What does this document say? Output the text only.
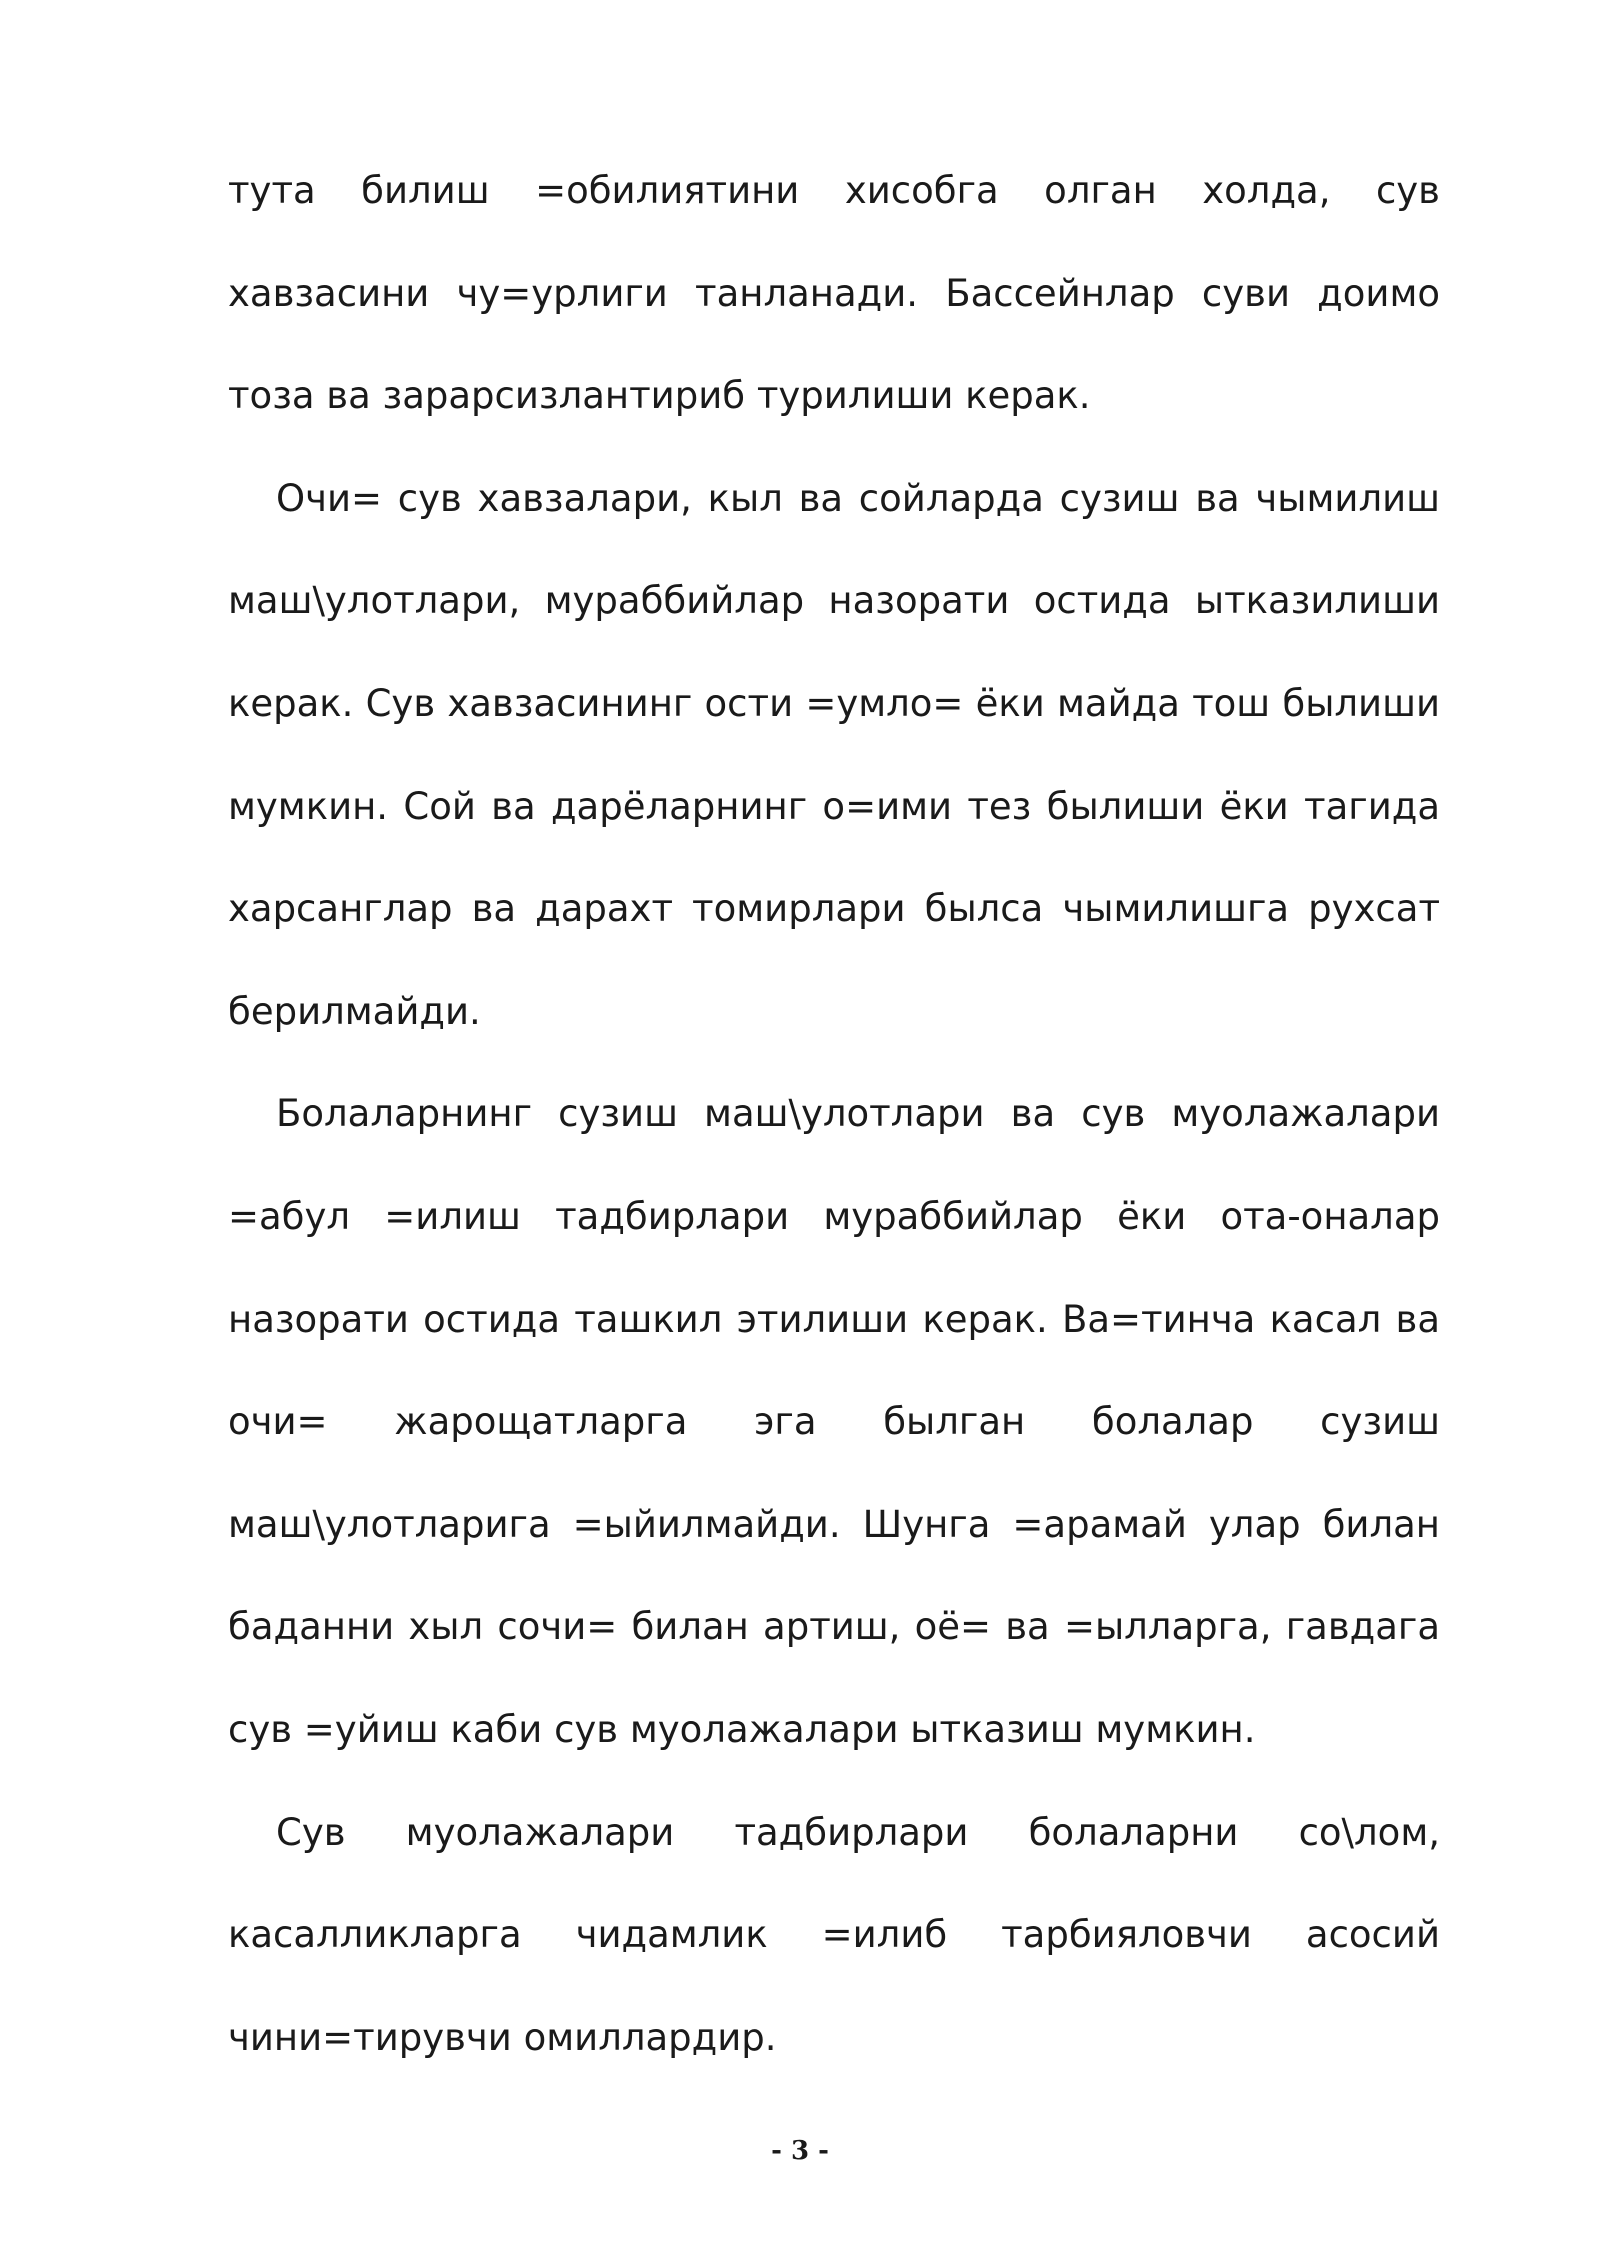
тута билиш =обилиятини хисобга олган холда, сув хавзасини чу=урлиги танланади. Бассейнлар суви доимо тоза ва зарарсизлантириб турилиши керак.

Очи= сув хавзалари, кыл ва сойларда сузиш ва чымилиш маш\улотлари, мураббийлар назорати остида ыткази​лиши керак. Сув хавзасининг ости =умло= ёки майда тош былиши мумкин. Сой ва дарёларнинг о=ими тез былиши ёки тагида харсанглар ва дарахт томирлари былса чымилишга рухсат берилмайди.

Болаларнинг сузиш маш\улотлари ва сув муолажалари =абул =илиш тадбирлари мураббийлар ёки ота-оналар назорати остида ташкил этилиши керак. Ва=тинча касал ва очи= жарощатларга эга былган болалар сузиш маш\улотларига =ыйилмайди. Шунга =арамай улар билан баданни хыл сочи= билан артиш, оё= ва =ылларга, гавдага сув =уйиш каби сув муолажалари ыткази​ш мумкин.

Сув муолажалари тадбирлари болаларни со\лом, касалликларга чидамлик =илиб тарбияловчи асосий чини=тирувчи омиллардир.

- 3 -
